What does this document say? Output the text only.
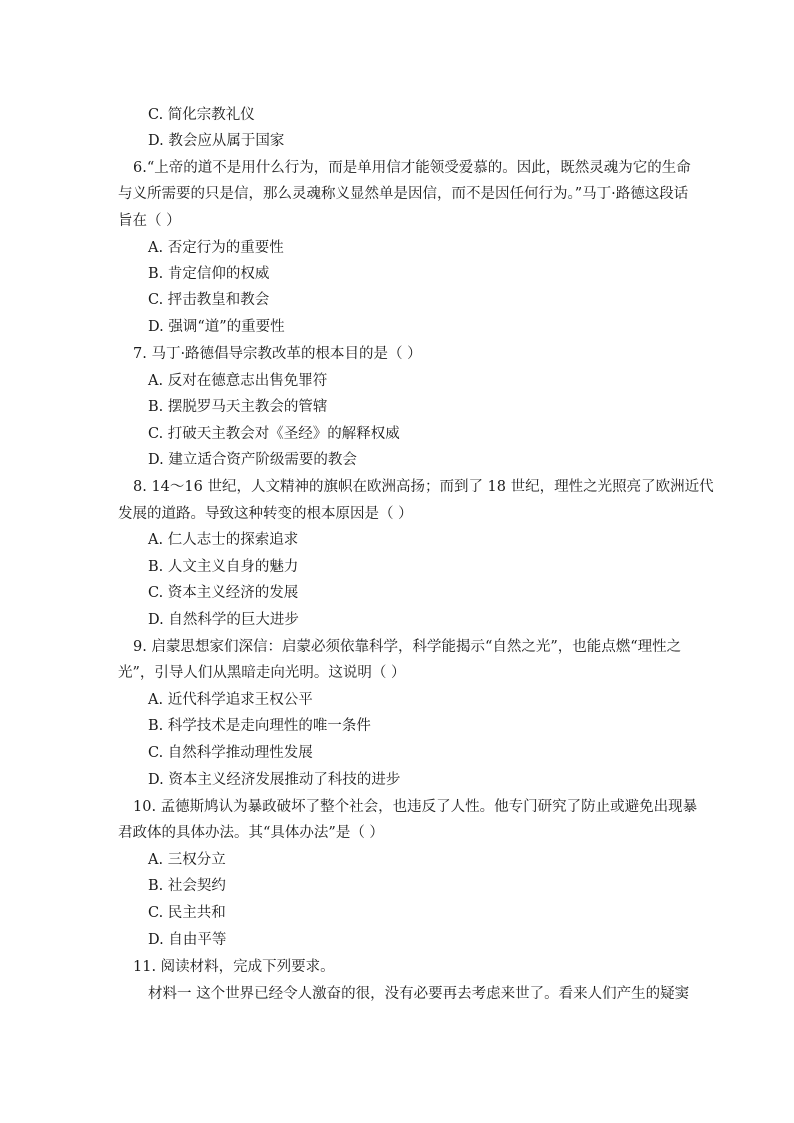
C. 简化宗教礼仪
D. 教会应从属于国家
6.“上帝的道不是用什么行为，而是单用信才能领受爱慕的。因此，既然灵魂为它的生命
与义所需要的只是信，那么灵魂称义显然单是因信，而不是因任何行为。”马丁·路德这段话
旨在（ ）
A. 否定行为的重要性
B. 肯定信仰的权威
C. 抨击教皇和教会
D. 强调“道”的重要性
7. 马丁·路德倡导宗教改革的根本目的是（ ）
A. 反对在德意志出售免罪符
B. 摆脱罗马天主教会的管辖
C. 打破天主教会对《圣经》的解释权威
D. 建立适合资产阶级需要的教会
8. 14～16 世纪，人文精神的旗帜在欧洲高扬；而到了 18 世纪，理性之光照亮了欧洲近代
发展的道路。导致这种转变的根本原因是（ ）
A. 仁人志士的探索追求
B. 人文主义自身的魅力
C. 资本主义经济的发展
D. 自然科学的巨大进步
9. 启蒙思想家们深信：启蒙必须依靠科学，科学能揭示“自然之光”，也能点燃“理性之
光”，引导人们从黑暗走向光明。这说明（ ）
A. 近代科学追求王权公平
B. 科学技术是走向理性的唯一条件
C. 自然科学推动理性发展
D. 资本主义经济发展推动了科技的进步
10. 孟德斯鸠认为暴政破坏了整个社会，也违反了人性。他专门研究了防止或避免出现暴
君政体的具体办法。其“具体办法”是（ ）
A. 三权分立
B. 社会契约
C. 民主共和
D. 自由平等
11. 阅读材料，完成下列要求。
材料一 这个世界已经令人激奋的很，没有必要再去考虑来世了。看来人们产生的疑窦
